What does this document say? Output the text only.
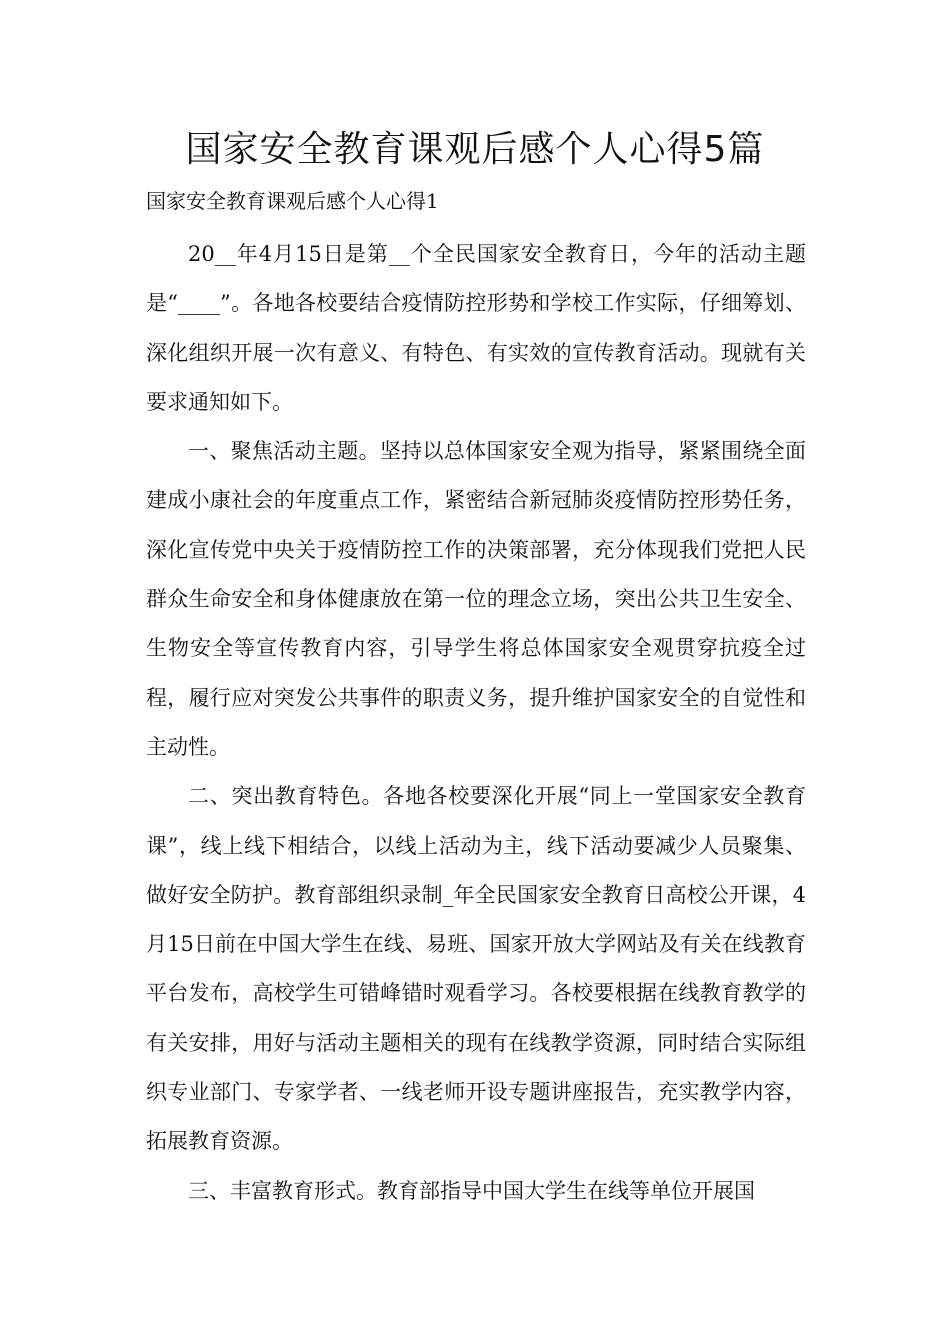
国家安全教育课观后感个人心得5篇

国家安全教育课观后感个人心得1

20__年4月15日是第__个全民国家安全教育日，今年的活动主题是“____”。各地各校要结合疫情防控形势和学校工作实际，仔细筹划、深化组织开展一次有意义、有特色、有实效的宣传教育活动。现就有关要求通知如下。

一、聚焦活动主题。坚持以总体国家安全观为指导，紧紧围绕全面建成小康社会的年度重点工作，紧密结合新冠肺炎疫情防控形势任务，深化宣传党中央关于疫情防控工作的决策部署，充分体现我们党把人民群众生命安全和身体健康放在第一位的理念立场，突出公共卫生安全、生物安全等宣传教育内容，引导学生将总体国家安全观贯穿抗疫全过程，履行应对突发公共事件的职责义务，提升维护国家安全的自觉性和主动性。

二、突出教育特色。各地各校要深化开展“同上一堂国家安全教育课”，线上线下相结合，以线上活动为主，线下活动要减少人员聚集、做好安全防护。教育部组织录制_年全民国家安全教育日高校公开课，4月15日前在中国大学生在线、易班、国家开放大学网站及有关在线教育平台发布，高校学生可错峰错时观看学习。各校要根据在线教育教学的有关安排，用好与活动主题相关的现有在线教学资源，同时结合实际组织专业部门、专家学者、一线老师开设专题讲座报告，充实教学内容，拓展教育资源。

三、丰富教育形式。教育部指导中国大学生在线等单位开展国
